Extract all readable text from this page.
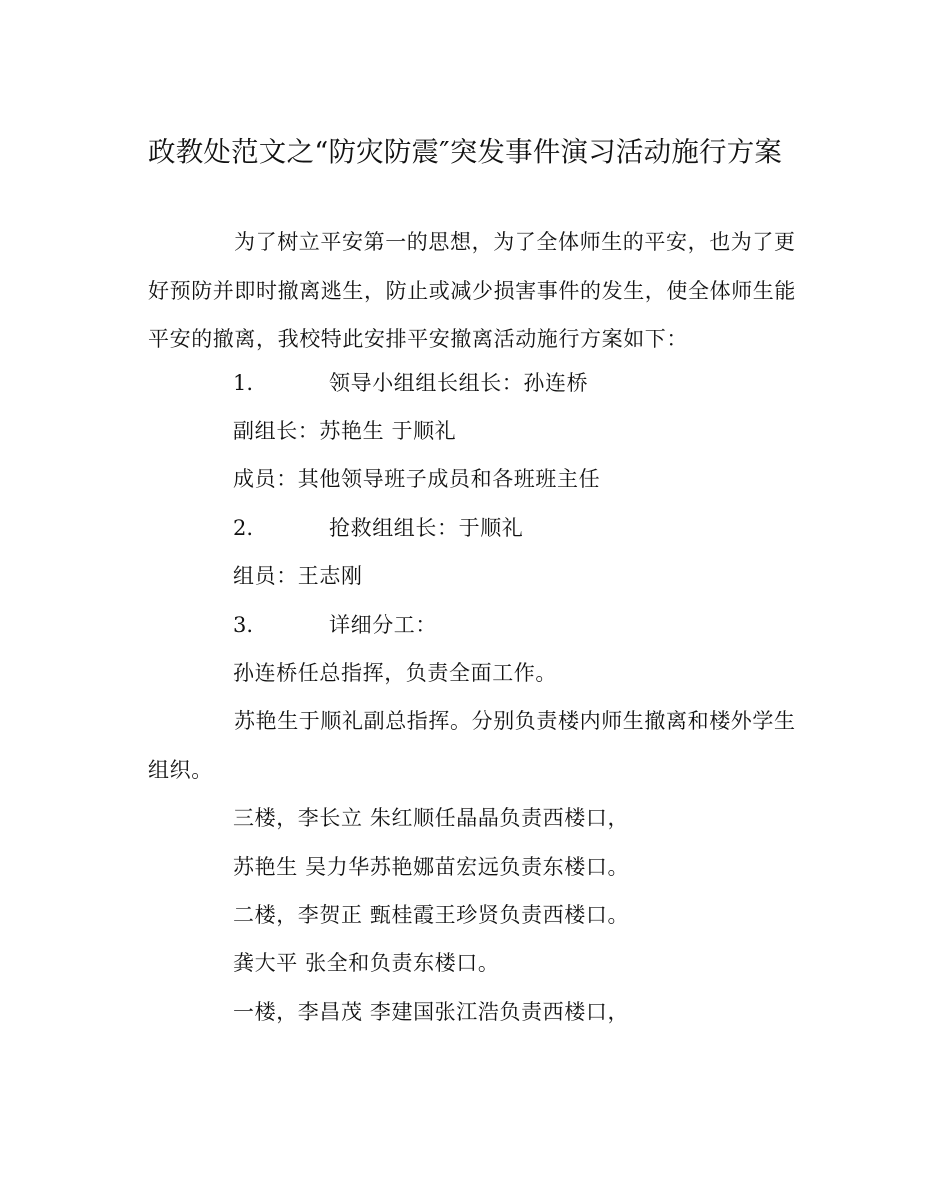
政教处范文之“防灾防震″突发事件演习活动施行方案

为了树立平安第一的思想，为了全体师生的平安，也为了更好预防并即时撤离逃生，防止或减少损害事件的发生，使全体师生能平安的撤离，我校特此安排平安撤离活动施行方案如下：

1.	领导小组组长组长：孙连桥
副组长：苏艳生 于顺礼
成员：其他领导班子成员和各班班主任
2.	抢救组组长：于顺礼
组员：王志刚
3.	详细分工：
孙连桥任总指挥，负责全面工作。

苏艳生于顺礼副总指挥。分别负责楼内师生撤离和楼外学生组织。

三楼，李长立 朱红顺任晶晶负责西楼口，
苏艳生 吴力华苏艳娜苗宏远负责东楼口。
二楼，李贺正 甄桂霞王珍贤负责西楼口。
龚大平 张全和负责东楼口。
一楼，李昌茂 李建国张江浩负责西楼口，
